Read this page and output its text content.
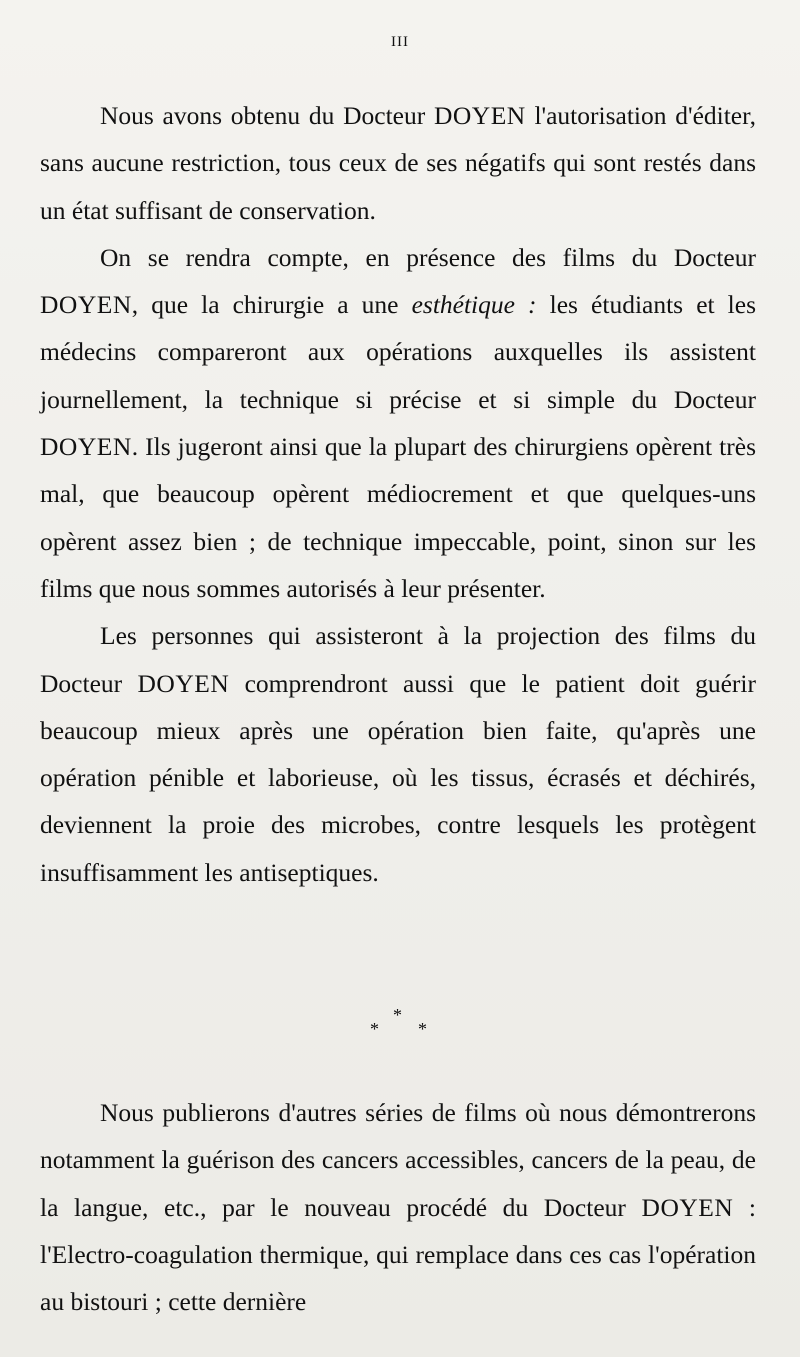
III

Nous avons obtenu du Docteur DOYEN l'autorisation d'éditer, sans aucune restriction, tous ceux de ses négatifs qui sont restés dans un état suffisant de conservation.

On se rendra compte, en présence des films du Docteur DOYEN, que la chirurgie a une esthétique : les étudiants et les médecins compareront aux opérations auxquelles ils assistent journellement, la technique si précise et si simple du Docteur DOYEN. Ils jugeront ainsi que la plupart des chirurgiens opèrent très mal, que beaucoup opèrent médiocrement et que quelques-uns opèrent assez bien ; de technique impeccable, point, sinon sur les films que nous sommes autorisés à leur présenter.

Les personnes qui assisteront à la projection des films du Docteur DOYEN comprendront aussi que le patient doit guérir beaucoup mieux après une opération bien faite, qu'après une opération pénible et laborieuse, où les tissus, écrasés et déchirés, deviennent la proie des microbes, contre lesquels les protègent insuffisamment les antiseptiques.

*
* *

Nous publierons d'autres séries de films où nous démontrerons notamment la guérison des cancers accessibles, cancers de la peau, de la langue, etc., par le nouveau procédé du Docteur DOYEN : l'Electro-coagulation thermique, qui remplace dans ces cas l'opération au bistouri ; cette dernière
